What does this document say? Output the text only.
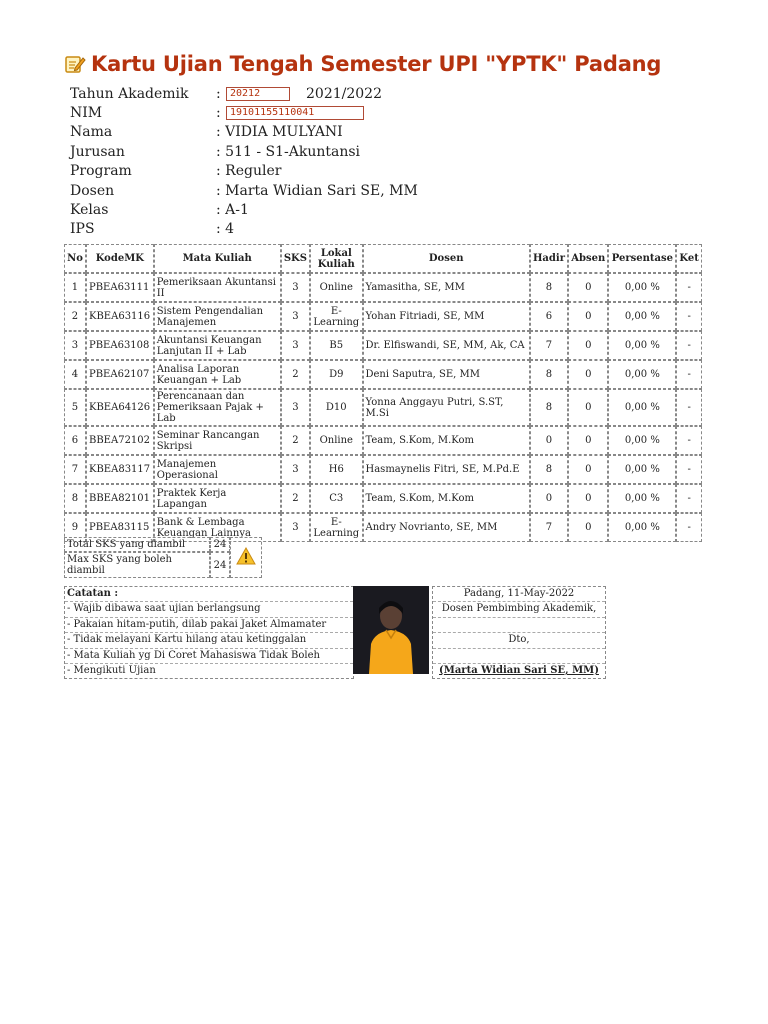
Kartu Ujian Tengah Semester UPI "YPTK" Padang
Tahun Akademik	: 20212	2021/2022
NIM	: 19101155110041
Nama	: VIDIA MULYANI
Jurusan	: 511 - S1-Akuntansi
Program	: Reguler
Dosen	: Marta Widian Sari SE, MM
Kelas	: A-1
IPS	: 4
No	KodeMK	Mata Kuliah	SKS	Lokal Kuliah	Dosen	Hadir	Absen	Persentase	Ket
1	PBEA63111	Pemeriksaan Akuntansi II	3	Online	Yamasitha, SE, MM	8	0	0,00 %	-
2	KBEA63116	Sistem Pengendalian Manajemen	3	E-Learning	Yohan Fitriadi, SE, MM	6	0	0,00 %	-
3	PBEA63108	Akuntansi Keuangan Lanjutan II + Lab	3	B5	Dr. Elfiswandi, SE, MM, Ak, CA	7	0	0,00 %	-
4	PBEA62107	Analisa Laporan Keuangan + Lab	2	D9	Deni Saputra, SE, MM	8	0	0,00 %	-
5	KBEA64126	Perencanaan dan Pemeriksaan Pajak + Lab	3	D10	Yonna Anggayu Putri, S.ST, M.Si	8	0	0,00 %	-
6	BBEA72102	Seminar Rancangan Skripsi	2	Online	Team, S.Kom, M.Kom	0	0	0,00 %	-
7	KBEA83117	Manajemen Operasional	3	H6	Hasmaynelis Fitri, SE, M.Pd.E	8	0	0,00 %	-
8	BBEA82101	Praktek Kerja Lapangan	2	C3	Team, S.Kom, M.Kom	0	0	0,00 %	-
9	PBEA83115	Bank & Lembaga Keuangan Lainnya	3	E-Learning	Andry Novrianto, SE, MM	7	0	0,00 %	-
Total SKS yang diambil	24	
Max SKS yang boleh diambil	24	
Catatan :
- Wajib dibawa saat ujian berlangsung
- Pakaian hitam-putih, dilab pakai Jaket Almamater
- Tidak melayani Kartu hilang atau ketinggalan
- Mata Kuliah yg Di Coret Mahasiswa Tidak Boleh
- Mengikuti Ujian
Padang, 11-May-2022
Dosen Pembimbing Akademik,
Dto,
(Marta Widian Sari SE, MM)
